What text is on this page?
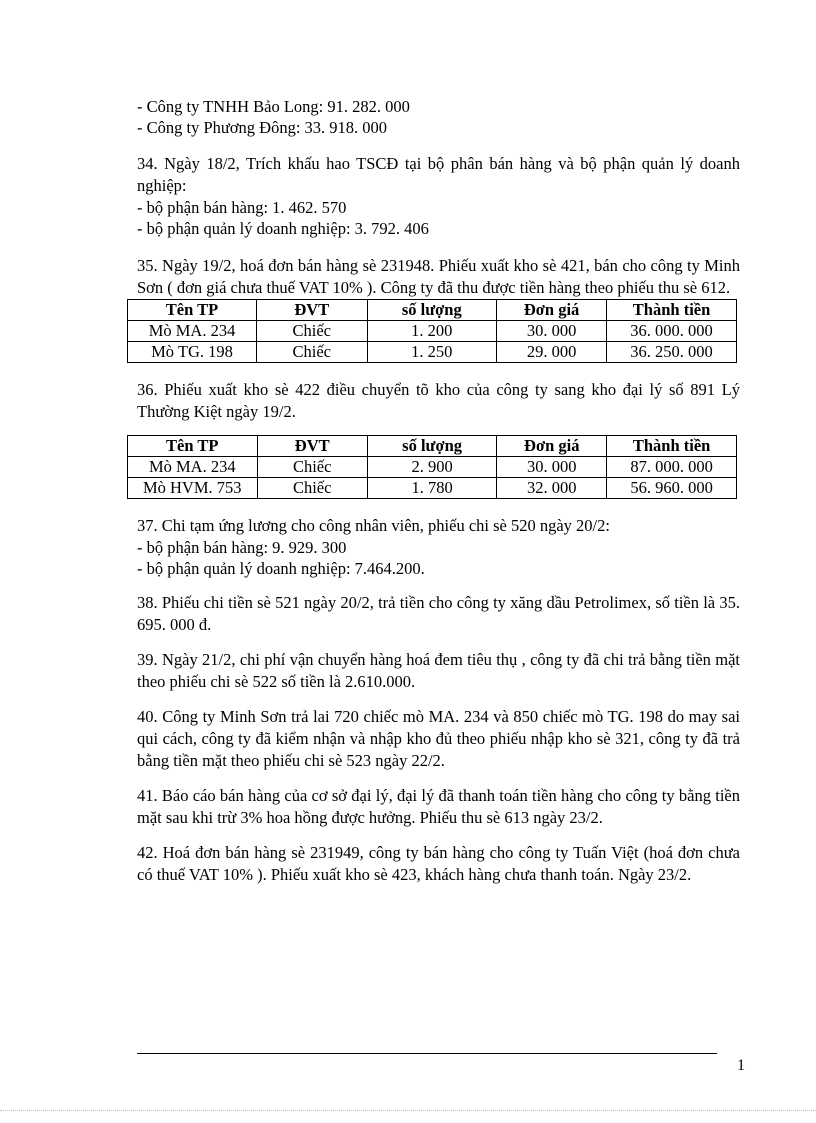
- Công ty TNHH Bảo Long: 91. 282. 000
- Công ty Phương Đông: 33. 918. 000
34. Ngày 18/2, Trích khấu hao TSCĐ tại bộ phân bán hàng và bộ phận quản lý doanh nghiệp:
- bộ phận bán hàng: 1. 462. 570
- bộ phận quản lý doanh nghiệp: 3. 792. 406
35. Ngày 19/2, hoá đơn bán hàng sè 231948. Phiếu xuất kho sè 421, bán cho công ty Minh Sơn ( đơn giá chưa thuế VAT 10% ). Công ty đã thu được tiền hàng theo phiếu thu sè 612.
Tên TP	ĐVT	số lượng	Đơn giá	Thành tiền
Mò MA. 234	Chiếc	1. 200	30. 000	36. 000. 000
Mò TG. 198	Chiếc	1. 250	29. 000	36. 250. 000
36. Phiếu xuất kho sè 422 điều chuyển tõ kho của công ty sang kho đại lý số 891 Lý Thường Kiệt ngày 19/2.
Tên TP	ĐVT	số lượng	Đơn giá	Thành tiền
Mò MA. 234	Chiếc	2. 900	30. 000	87. 000. 000
Mò HVM. 753	Chiếc	1. 780	32. 000	56. 960. 000
37. Chi tạm ứng lương cho công nhân viên, phiếu chi sè 520 ngày 20/2:
- bộ phận bán hàng: 9. 929. 300
- bộ phận quản lý doanh nghiệp: 7.464.200.
38. Phiếu chi tiền sè 521 ngày 20/2, trả tiền cho công ty xăng dầu Petrolimex, số tiền là 35. 695. 000 đ.
39. Ngày 21/2, chi phí vận chuyển hàng hoá đem tiêu thụ , công ty đã chi trả bằng tiền mặt theo phiếu chi sè 522 số tiền là 2.610.000.
40. Công ty Minh Sơn trả lai 720 chiếc mò MA. 234 và 850 chiếc mò TG. 198 do may sai qui cách, công ty đã kiểm nhận và nhập kho đủ theo phiếu nhập kho sè 321, công ty đã trả bằng tiền mặt theo phiếu chi sè 523 ngày 22/2.
41. Báo cáo bán hàng của cơ sở đại lý, đại lý đã thanh toán tiền hàng cho công ty bằng tiền mặt sau khi trừ 3% hoa hồng được hưởng. Phiếu thu sè 613 ngày 23/2.
42. Hoá đơn bán hàng sè 231949, công ty bán hàng cho công ty Tuấn Việt (hoá đơn chưa có thuế VAT 10% ). Phiếu xuất kho sè 423, khách hàng chưa thanh toán. Ngày 23/2.
1
